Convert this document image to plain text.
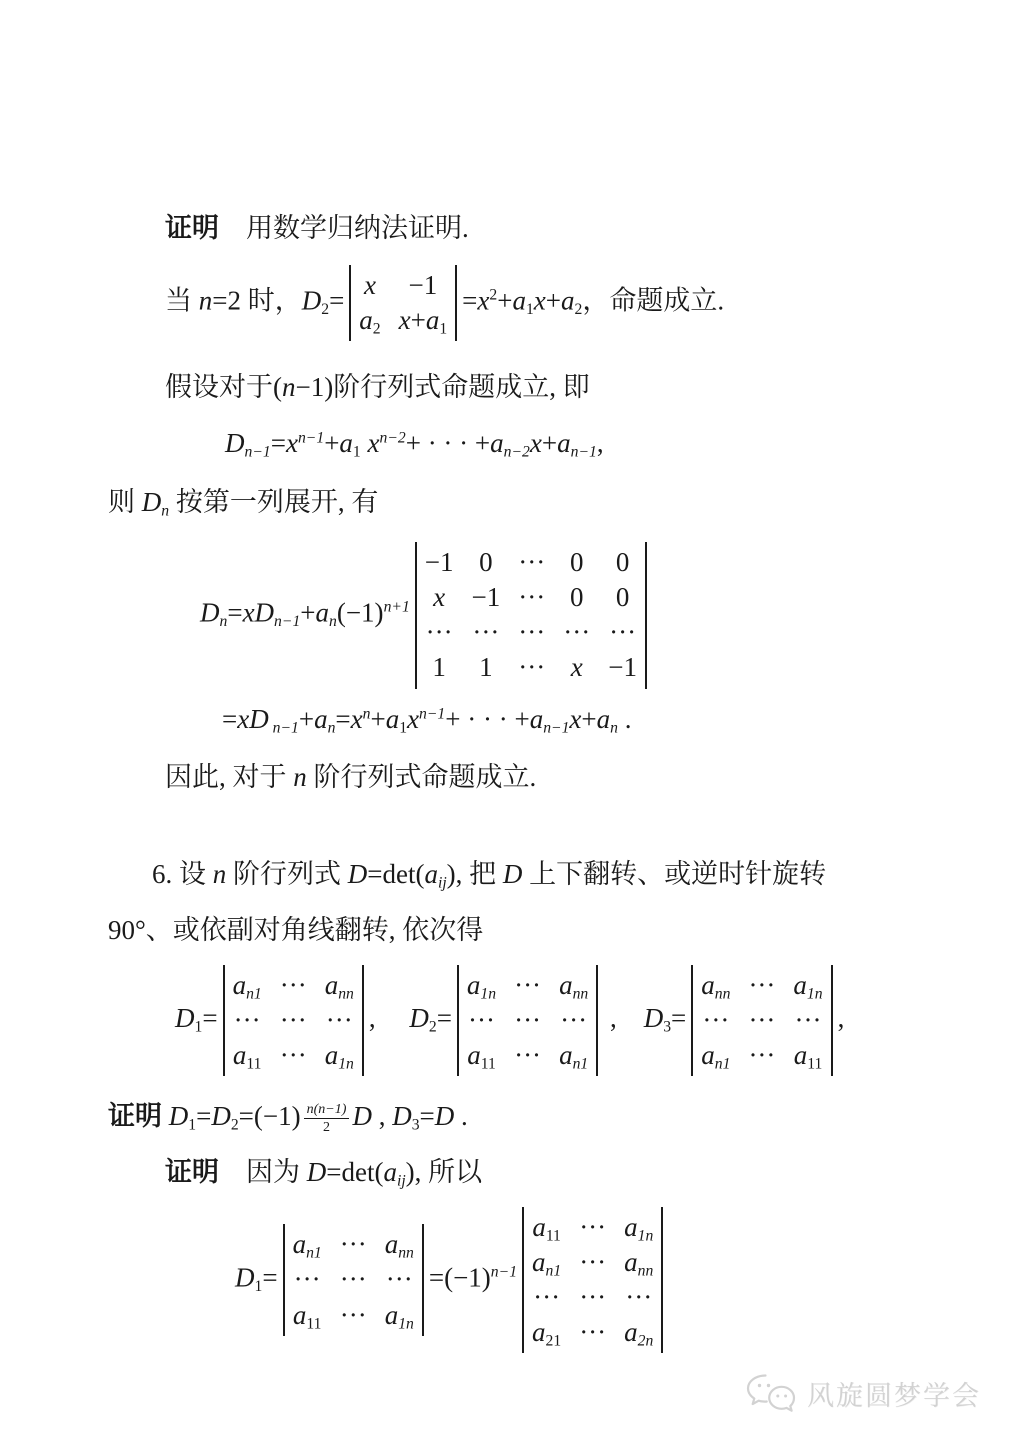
证明　用数学归纳法证明.
当 n=2 时，$D_2=$
x −1
$a_2$ $x+a_1$
$=x^2+a_1x+a_2$，命题成立.
假设对于(n−1)阶行列式命题成立, 即
$D_{n-1}=x^{n-1}+a_1$ $x^{n-2}+$ · · · $+a_{n-2}x+a_{n-1}$,
则 $D_n$ 按第一列展开, 有
$D_n=xD_{n-1}+a_n(-1)^{n+1}$
−1 0 ··· 0 0
x −1 ··· 0 0
··· ··· ··· ··· ···
1 1 ··· x −1
=xD $_{n-1}+a_n=x^n+a_1x^{n-1}+$ · · · $+a_{n-1}x+a_n$ .
因此, 对于 n 阶行列式命题成立.
6. 设 n 阶行列式 $D=\det(a_{ij})$, 把 D 上下翻转、或逆时针旋转
90°、或依副对角线翻转, 依次得
$D_1=$
$a_{n1}$ ··· $a_{nn}$
··· ··· ···
$a_{11}$ ··· $a_{1n}$
,　 $D_2=$
$a_{1n}$ ··· $a_{nn}$
··· ··· ···
$a_{11}$ ··· $a_{n1}$
,　$D_3=$
$a_{nn}$ ··· $a_{1n}$
··· ··· ···
$a_{n1}$ ··· $a_{11}$
,
证明 $D_1=D_2=(-1) \frac{n(n-1)}{2}$ D , $D_3=D$ .
证明　因为 $D=\det(a_{ij})$, 所以
$D_1=$
$a_{n1}$ ··· $a_{nn}$
··· ··· ···
$a_{11}$ ··· $a_{1n}$
$=(-1)^{n-1}$
$a_{11}$ ··· $a_{1n}$
$a_{n1}$ ··· $a_{nn}$
··· ··· ···
$a_{21}$ ··· $a_{2n}$
风旋圆梦学会
